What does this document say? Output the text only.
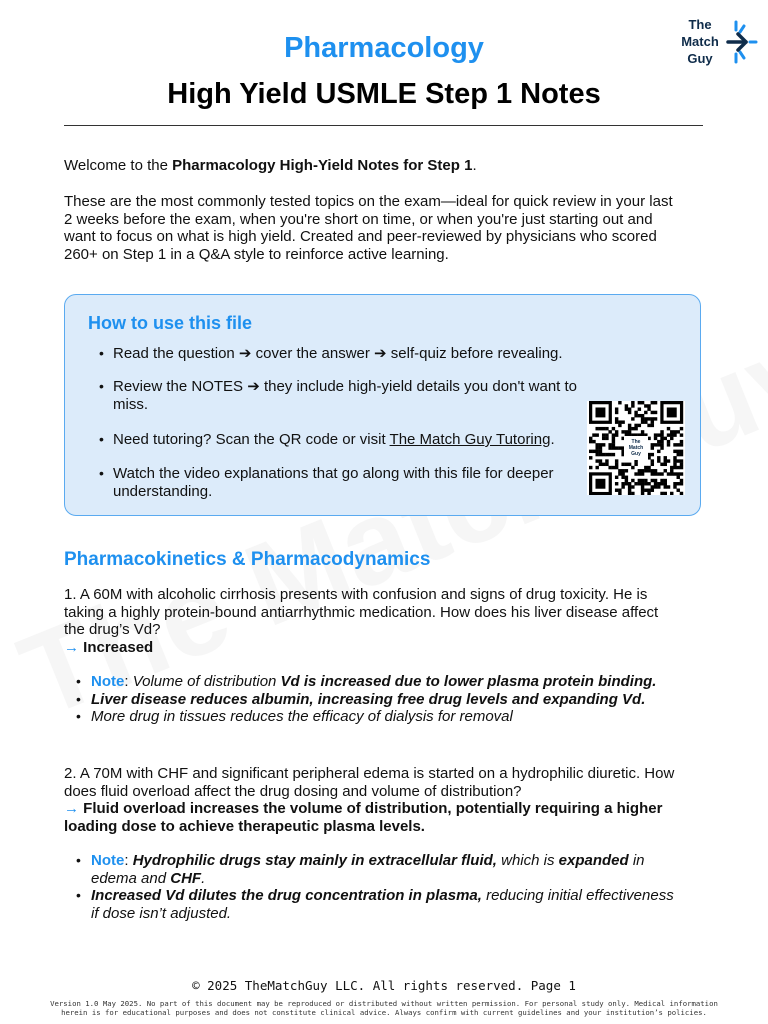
Pharmacology
High Yield USMLE Step 1 Notes
The
Match
Guy
Welcome to the Pharmacology High-Yield Notes for Step 1.
These are the most commonly tested topics on the exam—ideal for quick review in your last
2 weeks before the exam, when you're short on time, or when you're just starting out and
want to focus on what is high yield. Created and peer-reviewed by physicians who scored
260+ on Step 1 in a Q&A style to reinforce active learning.
How to use this file
• Read the question ➔ cover the answer ➔ self-quiz before revealing.
• Review the NOTES ➔ they include high-yield details you don't want to
miss.
• Need tutoring? Scan the QR code or visit The Match Guy Tutoring.
• Watch the video explanations that go along with this file for deeper
understanding.
The
Match
Guy
Pharmacokinetics & Pharmacodynamics
1. A 60M with alcoholic cirrhosis presents with confusion and signs of drug toxicity. He is
taking a highly protein-bound antiarrhythmic medication. How does his liver disease affect
the drug’s Vd?
→ Increased
• Note: Volume of distribution Vd is increased due to lower plasma protein binding.
• Liver disease reduces albumin, increasing free drug levels and expanding Vd.
• More drug in tissues reduces the efficacy of dialysis for removal
2. A 70M with CHF and significant peripheral edema is started on a hydrophilic diuretic. How
does fluid overload affect the drug dosing and volume of distribution?
→ Fluid overload increases the volume of distribution, potentially requiring a higher
loading dose to achieve therapeutic plasma levels.
• Note: Hydrophilic drugs stay mainly in extracellular fluid, which is expanded in
edema and CHF.
• Increased Vd dilutes the drug concentration in plasma, reducing initial effectiveness
if dose isn’t adjusted.
© 2025 TheMatchGuy LLC. All rights reserved. Page 1
Version 1.0 May 2025. No part of this document may be reproduced or distributed without written permission. For personal study only. Medical information
herein is for educational purposes and does not constitute clinical advice. Always confirm with current guidelines and your institution’s policies.
